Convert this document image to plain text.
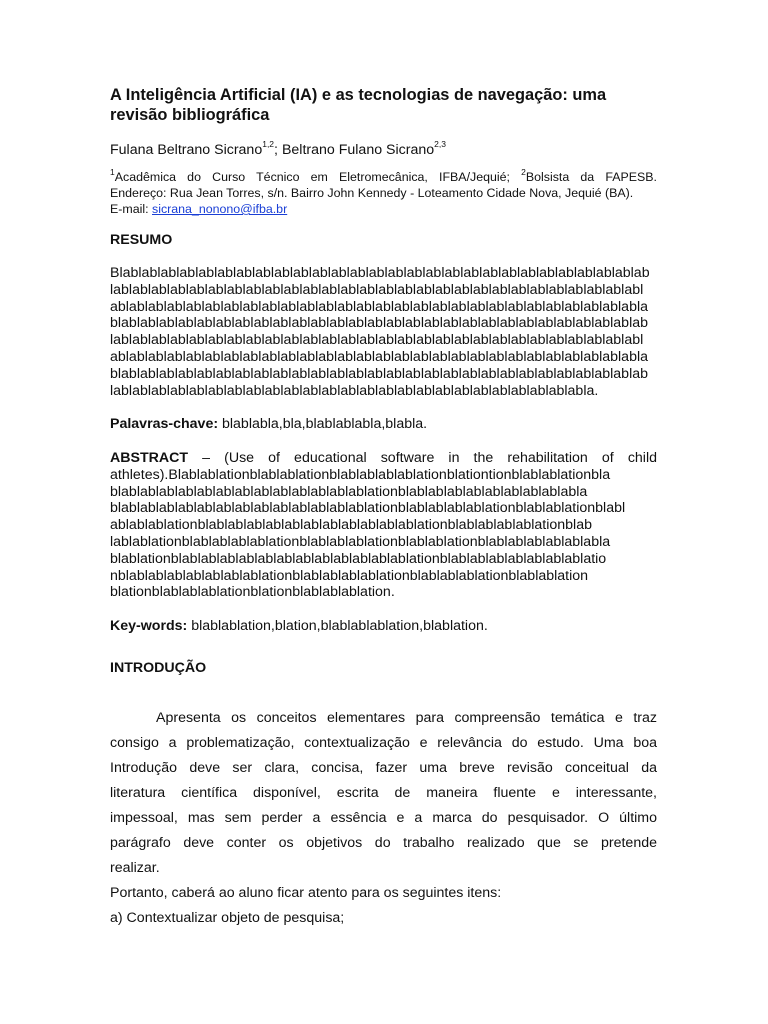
A Inteligência Artificial (IA) e as tecnologias de navegação: uma revisão bibliográfica
Fulana Beltrano Sicrano$^{1,2}$; Beltrano Fulano Sicrano$^{2,3}$
$^1$Acadêmica do Curso Técnico em Eletromecânica, IFBA/Jequié; $^2$Bolsista da FAPESB.
Endereço: Rua Jean Torres, s/n. Bairro John Kennedy - Loteamento Cidade Nova, Jequié (BA).
E-mail: sicrana_nonono@ifba.br
RESUMO
Blablablablablablablablablablablablablablablablablablablablablablablablablablablablab
lablablablablablablablablablablablablablablablablablablablablablablablablablablablabl
ablablablablablablablablablablablablablablablablablablablablablablablablablablablabla
blablablablablablablablablablablablablablablablablablablablablablablablablablablablab
lablablablablablablablablablablablablablablablablablablablablablablablablablablablabl
ablablablablablablablablablablablablablablablablablablablablablablablablablablablabla
blablablablablablablablablablablablablablablablablablablablablablablablablablablablab
lablablablablablablablablablablablablablablablablablablablablablablablablabla.
Palavras-chave: blablabla,bla,blablablabla,blabla.
ABSTRACT – (Use of educational software in the rehabilitation of child
athletes).Blablablationblablablationblablablablablationblationtionblablablationbla
blablablablablablablablablablablablablablationblablablablablablablablablabla
blablablablablablablablablablablablablablationblablablablablationblablablationblabl
ablablablationblablablablablablablablablablablablationblablablablablationblab
lablablationblablablablablationblablablablationblablablationblablablablablablabla
blablationblablablablablablablablablablablablablationblablablablablablablablatio
nblablablablablablablablationblablablablablationblablablablationblablablation
blationblablablablationblationblablablablation.
Key-words: blablablation,blation,blablablablation,blablation.
INTRODUÇÃO
Apresenta os conceitos elementares para compreensão temática e traz
consigo a problematização, contextualização e relevância do estudo. Uma boa
Introdução deve ser clara, concisa, fazer uma breve revisão conceitual da
literatura científica disponível, escrita de maneira fluente e interessante,
impessoal, mas sem perder a essência e a marca do pesquisador. O último
parágrafo deve conter os objetivos do trabalho realizado que se pretende
realizar.
Portanto, caberá ao aluno ficar atento para os seguintes itens:
a) Contextualizar objeto de pesquisa;
